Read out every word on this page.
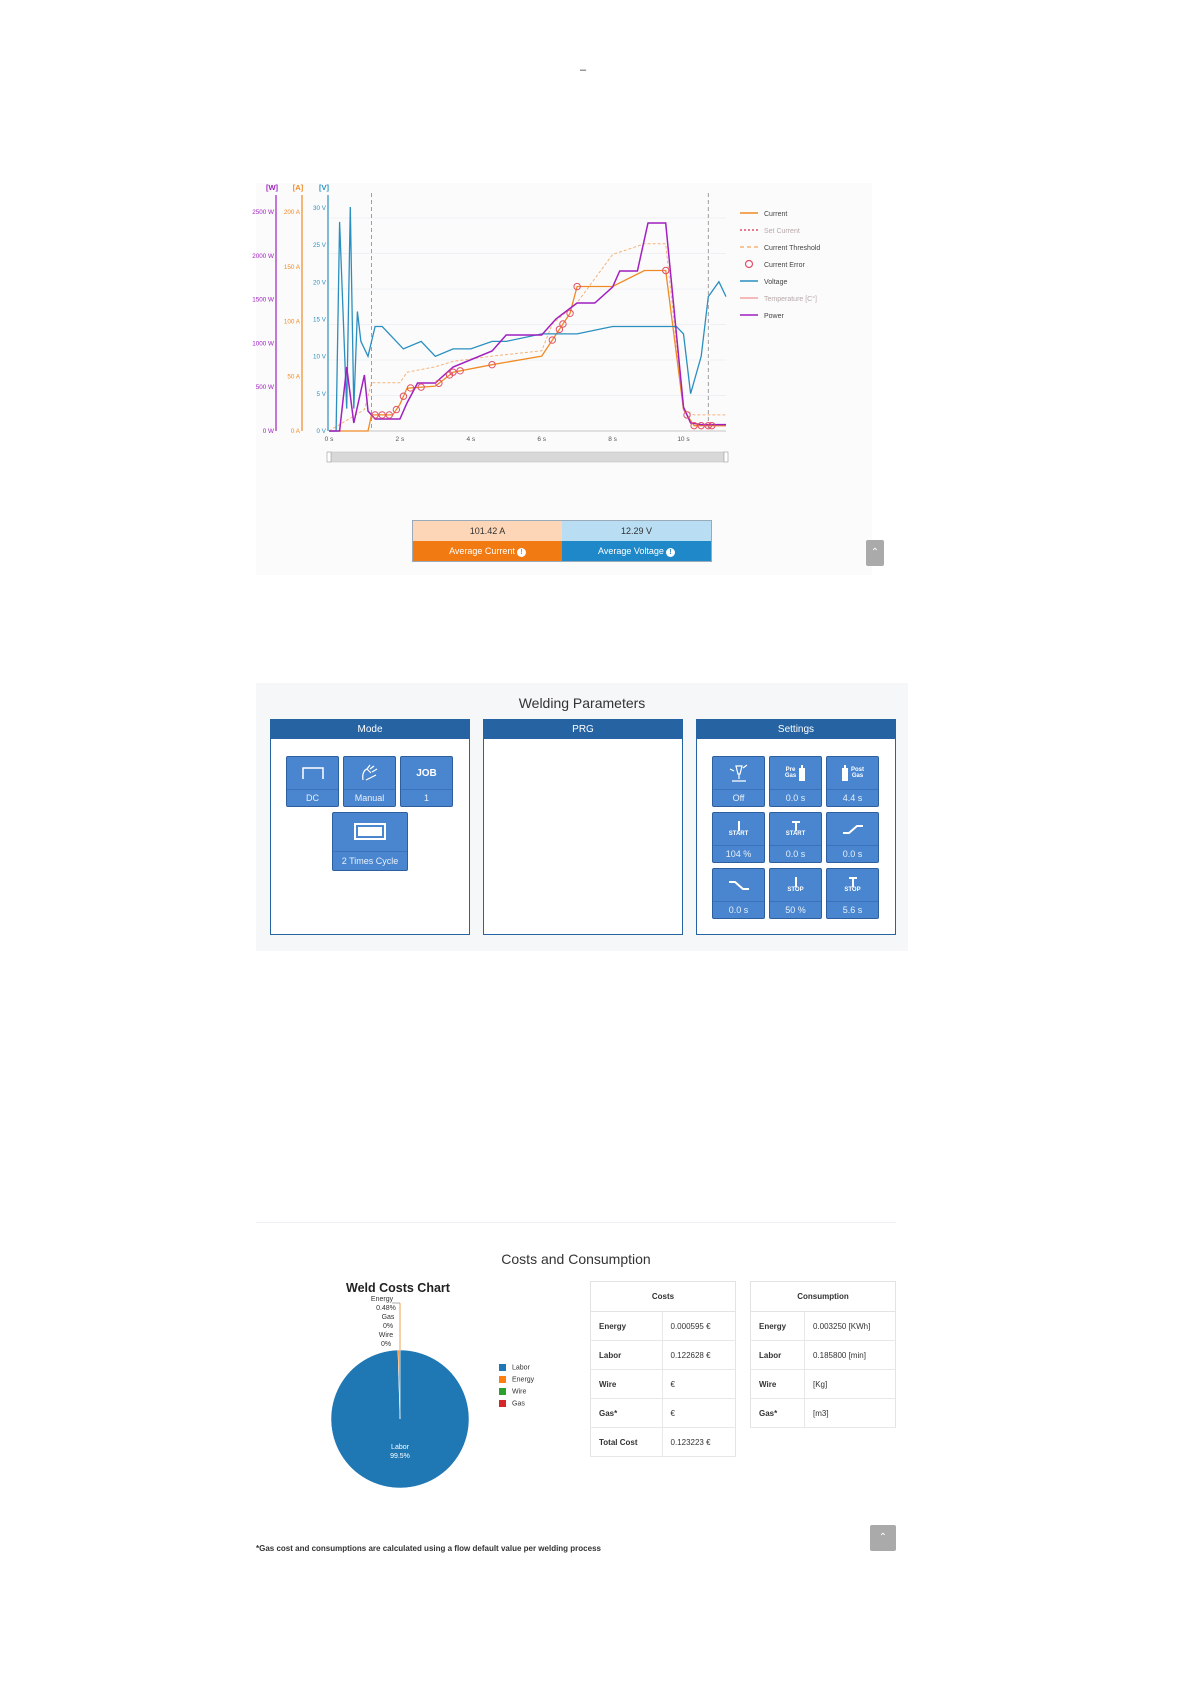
–
[W]
2500 W
2000 W
1500 W
1000 W
500 W
0 W
[A]
200 A
150 A
100 A
50 A
0 A
[V]
30 V
25 V
20 V
15 V
10 V
5 V
0 V
0 s	2 s	4 s	6 s	8 s	10 s
Current
Set Current
Current Threshold
Current Error
Voltage
Temperature [C°]
Power
101.42 A	12.29 V
Average Current !	Average Voltage !	⌃
Welding Parameters
Mode
DC	Manual
JOB
1
2 Times Cycle
PRG	Settings
Off
Pre
Gas
0.0 s
Post
Gas
4.4 s
START
104 %
START
0.0 s	0.0 s
0.0 s
STOP
50 %
STOP
5.6 s
Costs and Consumption
Weld Costs Chart
Energy
0.48%
Gas
0%
Wire
0%
Labor
99.5%
Labor
Energy
Wire
Gas
Costs	
Energy	0.000595 €
Labor	0.122628 €
Wire	€
Gas*	€
Total Cost	0.123223 €
Consumption	
Energy	0.003250 [KWh]
Labor	0.185800 [min]
Wire	[Kg]
Gas*	[m3]
⌃
*Gas cost and consumptions are calculated using a flow default value per welding process
